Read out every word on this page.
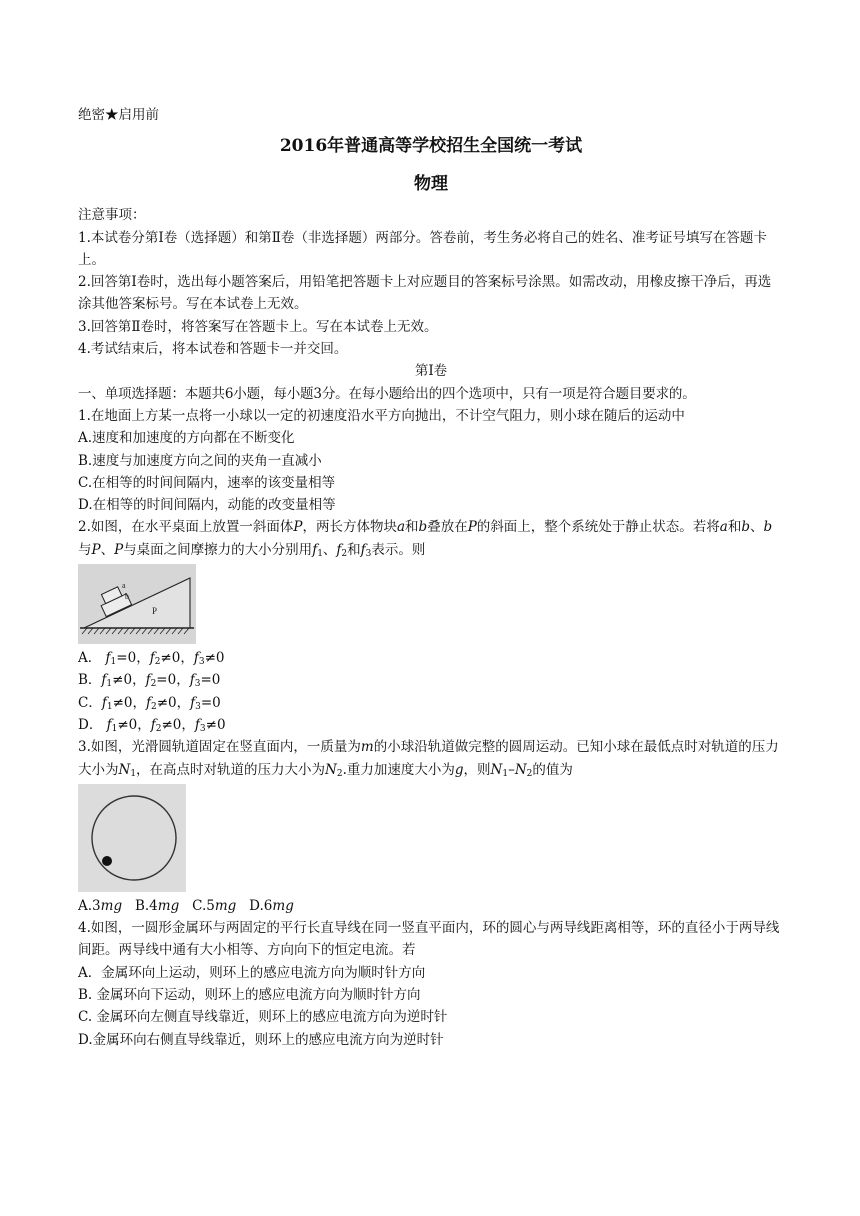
绝密★启用前

2016年普通高等学校招生全国统一考试

物理

注意事项：

1.本试卷分第Ⅰ卷（选择题）和第Ⅱ卷（非选择题）两部分。答卷前，考生务必将自己的姓名、准考证号填写在答题卡上。

2.回答第Ⅰ卷时，选出每小题答案后，用铅笔把答题卡上对应题目的答案标号涂黑。如需改动，用橡皮擦干净后，再选涂其他答案标号。写在本试卷上无效。

3.回答第Ⅱ卷时，将答案写在答题卡上。写在本试卷上无效。

4.考试结束后，将本试卷和答题卡一并交回。

第Ⅰ卷

一、单项选择题：本题共6小题，每小题3分。在每小题给出的四个选项中，只有一项是符合题目要求的。

1.在地面上方某一点将一小球以一定的初速度沿水平方向抛出，不计空气阻力，则小球在随后的运动中

A.速度和加速度的方向都在不断变化

B.速度与加速度方向之间的夹角一直减小

C.在相等的时间间隔内，速率的该变量相等

D.在相等的时间间隔内，动能的改变量相等

2.如图，在水平桌面上放置一斜面体P，两长方体物块a和b叠放在P的斜面上，整个系统处于静止状态。若将a和b、b与P、P与桌面之间摩擦力的大小分别用$f_1$、$f_2$和$f_3$表示。则

a
b
P

A． $f_1=0$，$f_2\ne 0$，$f_3\ne 0$

B．$f_1\ne 0$，$f_2=0$，$f_3=0$

C．$f_1\ne 0$，$f_2\ne 0$，$f_3=0$

D． $f_1\ne 0$，$f_2\ne 0$，$f_3\ne 0$

3.如图，光滑圆轨道固定在竖直面内，一质量为m的小球沿轨道做完整的圆周运动。已知小球在最低点时对轨道的压力大小为$N_1$，在高点时对轨道的压力大小为$N_2$.重力加速度大小为g，则$N_1-N_2$的值为

A.3mg B.4mg C.5mg D.6mg

4.如图，一圆形金属环与两固定的平行长直导线在同一竖直平面内，环的圆心与两导线距离相等，环的直径小于两导线间距。两导线中通有大小相等、方向向下的恒定电流。若

A．金属环向上运动，则环上的感应电流方向为顺时针方向

B. 金属环向下运动，则环上的感应电流方向为顺时针方向

C. 金属环向左侧直导线靠近，则环上的感应电流方向为逆时针

D.金属环向右侧直导线靠近，则环上的感应电流方向为逆时针
